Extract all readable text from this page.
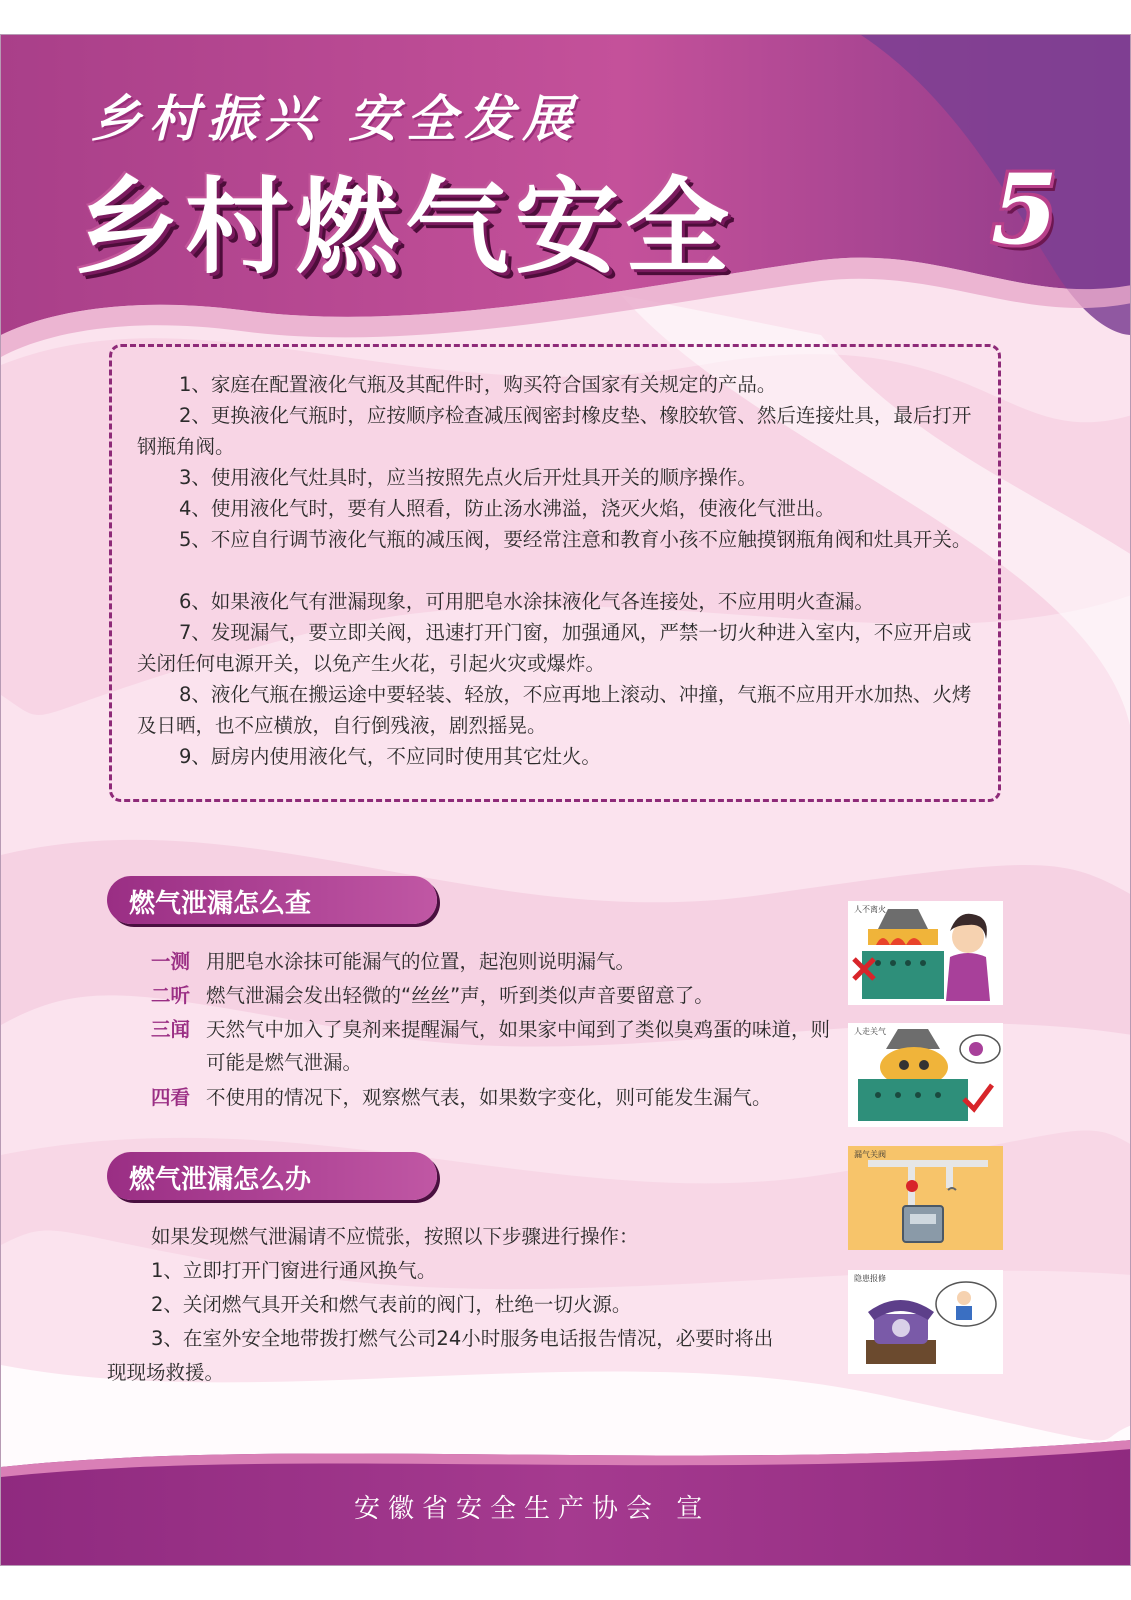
乡村振兴 安全发展
乡村燃气安全	5

1、家庭在配置液化气瓶及其配件时，购买符合国家有关规定的产品。

2、更换液化气瓶时，应按顺序检查减压阀密封橡皮垫、橡胶软管、然后连接灶具，最后打开钢瓶角阀。

3、使用液化气灶具时，应当按照先点火后开灶具开关的顺序操作。

4、使用液化气时，要有人照看，防止汤水沸溢，浇灭火焰，使液化气泄出。

5、不应自行调节液化气瓶的减压阀，要经常注意和教育小孩不应触摸钢瓶角阀和灶具开关。

6、如果液化气有泄漏现象，可用肥皂水涂抹液化气各连接处，不应用明火查漏。

7、发现漏气，要立即关阀，迅速打开门窗，加强通风，严禁一切火种进入室内，不应开启或关闭任何电源开关，以免产生火花，引起火灾或爆炸。

8、液化气瓶在搬运途中要轻装、轻放，不应再地上滚动、冲撞，气瓶不应用开水加热、火烤及日晒，也不应横放，自行倒残液，剧烈摇晃。

9、厨房内使用液化气，不应同时使用其它灶火。

燃气泄漏怎么查
一测 用肥皂水涂抹可能漏气的位置，起泡则说明漏气。
二听 燃气泄漏会发出轻微的“丝丝”声，听到类似声音要留意了。
三闻 天然气中加入了臭剂来提醒漏气，如果家中闻到了类似臭鸡蛋的味道，则可能是燃气泄漏。
四看 不使用的情况下，观察燃气表，如果数字变化，则可能发生漏气。
燃气泄漏怎么办
如果发现燃气泄漏请不应慌张，按照以下步骤进行操作：
1、立即打开门窗进行通风换气。
2、关闭燃气具开关和燃气表前的阀门，杜绝一切火源。
3、在室外安全地带拨打燃气公司24小时服务电话报告情况，必要时将出
现现场救援。
人不离火
人走关气
漏气关阀
隐患报修
安徽省安全生产协会 宣
